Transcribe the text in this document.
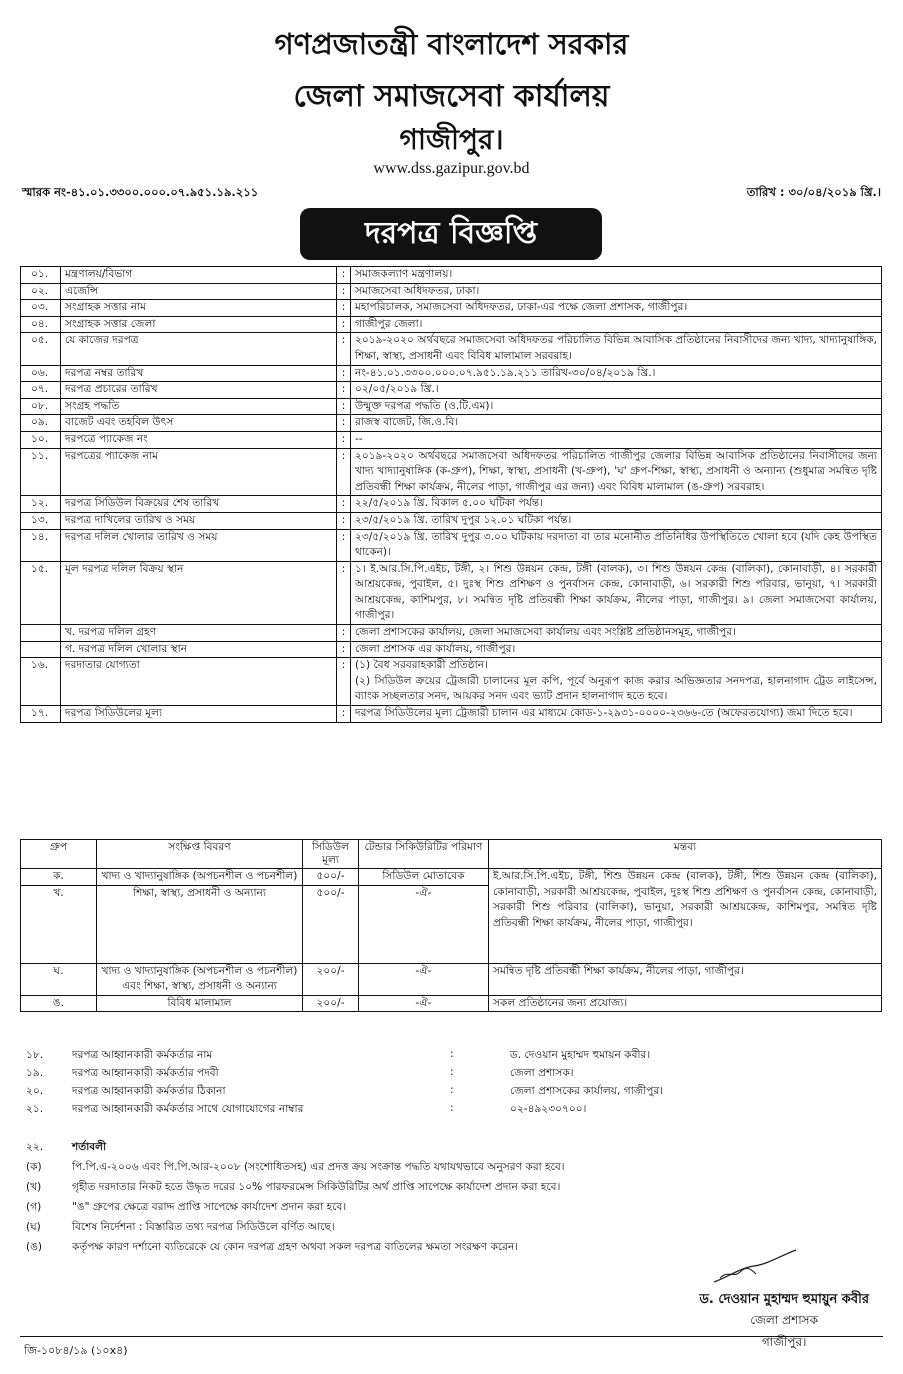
গণপ্রজাতন্ত্রী বাংলাদেশ সরকার
জেলা সমাজসেবা কার্যালয়
গাজীপুর।
www.dss.gazipur.gov.bd
স্মারক নং-৪১.০১.৩৩০০.০০০.০৭.৯৫১.১৯.২১১	তারিখ : ৩০/০৪/২০১৯ খ্রি.।
দরপত্র বিজ্ঞপ্তি
০১.	মন্ত্রণালয়/বিভাগ	:	সমাজকল্যাণ মন্ত্রণালয়।

০২.	এজেন্সি	:	সমাজসেবা অধিদফতর, ঢাকা।

০৩.	সংগ্রাহক সত্তার নাম	:	মহাপরিচালক, সমাজসেবা অধিদফতর, ঢাকা-এর পক্ষে জেলা প্রশাসক, গাজীপুর।

০৪.	সংগ্রাহক সত্তার জেলা	:	গাজীপুর জেলা।

০৫.	যে কাজের দরপত্র	:	২০১৯-২০২০ অর্থবছরে সমাজসেবা অধিদফতর পরিচালিত বিভিন্ন আবাসিক প্রতিষ্ঠানের নিবাসীদের জন্য খাদ্য, খাদ্যানুষাঙ্গিক, শিক্ষা, স্বাস্থ্য, প্রসাধনী এবং বিবিধ মালামাল সরবরাহ।

০৬.	দরপত্র নম্বর তারিখ	:	নং-৪১.০১.৩৩০০.০০০.০৭.৯৫১.১৯.২১১ তারিখ-৩০/০৪/২০১৯ খ্রি.।

০৭.	দরপত্র প্রচারের তারিখ	:	০২/০৫/২০১৯ খ্রি.।

০৮.	সংগ্রহ পদ্ধতি	:	উন্মুক্ত দরপত্র পদ্ধতি (ও.টি.এম)।

০৯.	বাজেট এবং তহবিল উৎস	:	রাজস্ব বাজেট, জি.ও.বি।

১০.	দরপত্রে প্যাকেজ নং	:	--

১১.	দরপত্রের প্যাকেজ নাম	:	২০১৯-২০২০ অর্থবছরে সমাজসেবা অধিদফতর পরিচালিত গাজীপুর জেলার বিভিন্ন আবাসিক প্রতিষ্ঠানের নিবাসীদের জন্য খাদ্য খাদ্যানুষাঙ্গিক (ক-গ্রুপ), শিক্ষা, স্বাস্থ্য, প্রসাধনী (খ-গ্রুপ), 'ঘ' গ্রুপ-শিক্ষা, স্বাস্থ্য, প্রসাধনী ও অন্যান্য (শুধুমাত্র সমন্বিত দৃষ্টি প্রতিবন্ধী শিক্ষা কার্যক্রম, নীলের পাড়া, গাজীপুর এর জন্য) এবং বিবিধ মালামাল (ঙ-গ্রুপ) সরবরাহ।

১২.	দরপত্র সিডিউল বিক্রয়ের শেষ তারিখ	:	২২/৫/২০১৯ খ্রি. বিকাল ৫.০০ ঘটিকা পর্যন্ত।

১৩.	দরপত্র দাখিলের তারিখ ও সময়	:	২৩/৫/২০১৯ খ্রি. তারিখ দুপুর ১২.০১ ঘটিকা পর্যন্ত।

১৪.	দরপত্র দলিল খোলার তারিখ ও সময়	:	২৩/৫/২০১৯ খ্রি. তারিখ দুপুর ৩.০০ ঘটিকায় দরদাতা বা তার মনোনীত প্রতিনিধির উপস্থিতিতে খোলা হবে (যদি কেহ উপস্থিত থাকেন)।

১৫.	মূল দরপত্র দলিল বিক্রয় স্থান	:	১। ই.আর.সি.পি.এইচ, টঙ্গী, ২। শিশু উন্নয়ন কেন্দ্র, টঙ্গী (বালক), ৩। শিশু উন্নয়ন কেন্দ্র (বালিকা), কোনাবাড়ী, ৪। সরকারী আশ্রয়কেন্দ্র, পুবাইল, ৫। দুঃস্থ শিশু প্রশিক্ষণ ও পুনর্বাসন কেন্দ্র, কোনাবাড়ী, ৬। সরকারী শিশু পরিবার, ভানুয়া, ৭। সরকারী আশ্রয়কেন্দ্র, কাশিমপুর, ৮। সমন্বিত দৃষ্টি প্রতিবন্ধী শিক্ষা কার্যক্রম, নীলের পাড়া, গাজীপুর। ৯। জেলা সমাজসেবা কার্যালয়, গাজীপুর।

	খ. দরপত্র দলিল গ্রহণ	:	জেলা প্রশাসকের কার্যালয়, জেলা সমাজসেবা কার্যালয় এবং সংশ্লিষ্ট প্রতিষ্ঠানসমূহ, গাজীপুর।

	গ. দরপত্র দলিল খোলার স্থান	:	জেলা প্রশাসক এর কার্যালয়, গাজীপুর।

১৬.	দরদাতার যোগ্যতা	:	(১) বৈধ সরবরাহকারী প্রতিষ্ঠান।
(২) সিডিউল ক্রয়ের ট্রেজারী চালানের মূল কপি, পূর্বে অনুরূপ কাজ করার অভিজ্ঞতার সনদপত্র, হালনাগাদ ট্রেড লাইসেন্স, ব্যাংক সচ্ছলতার সনদ, আয়কর সনদ এবং ভ্যাট প্রদান হালনাগাদ হতে হবে।

১৭.	দরপত্র সিডিউলের মূল্য	:	দরপত্র সিডিউলের মূল্য ট্রেজারী চালান এর মাধ্যমে কোড-১-২৯৩১-০০০০-২৩৬৬-তে (অফেরতযোগ্য) জমা দিতে হবে।
গ্রুপ	সংক্ষিপ্ত বিবরণ	সিডিউল মূল্য	টেন্ডার সিকিউরিটির পরিমাণ	মন্তব্য
ক.	খাদ্য ও খাদ্যানুষাঙ্গিক (অপচনশীল ও পচনশীল)	৫০০/-	সিডিউল মোতাবেক	ই.আর.সি.পি.এইচ, টঙ্গী, শিশু উন্নয়ন কেন্দ্র (বালক), টঙ্গী, শিশু উন্নয়ন কেন্দ্র (বালিকা), কোনাবাড়ী, সরকারী আশ্রয়কেন্দ্র, পুবাইল, দুঃস্থ শিশু প্রশিক্ষণ ও পুনর্বাসন কেন্দ্র, কোনাবাড়ী, সরকারী শিশু পরিবার (বালিকা), ভানুয়া, সরকারী আশ্রয়কেন্দ্র, কাশিমপুর, সমন্বিত দৃষ্টি প্রতিবন্ধী শিক্ষা কার্যক্রম, নীলের পাড়া, গাজীপুর।
খ.	শিক্ষা, স্বাস্থ্য, প্রসাধনী ও অন্যান্য	৫০০/-	-ঐ-	
ঘ.	খাদ্য ও খাদ্যানুষাঙ্গিক (অপচনশীল ও পচনশীল) এবং শিক্ষা, স্বাস্থ্য, প্রসাধনী ও অন্যান্য	২০০/-	-ঐ-	সমন্বিত দৃষ্টি প্রতিবন্ধী শিক্ষা কার্যক্রম, নীলের পাড়া, গাজীপুর।
ঙ.	বিবিধ মালামাল	২০০/-	-ঐ-	সকল প্রতিষ্ঠানের জন্য প্রযোজ্য।
১৮.	দরপত্র আহ্বানকারী কর্মকর্তার নাম	:	ড. দেওয়ান মুহাম্মদ হুমায়ন কবীর।
১৯.	দরপত্র আহ্বানকারী কর্মকর্তার পদবী	:	জেলা প্রশাসক।
২০.	দরপত্র আহ্বানকারী কর্মকর্তার ঠিকানা	:	জেলা প্রশাসকের কার্যালয়, গাজীপুর।
২১.	দরপত্র আহ্বানকারী কর্মকর্তার সাথে যোগাযোগের নাম্বার	:	০২-৪৯২৩০৭০০।
২২.	শর্তাবলী
(ক)	পি.পি.এ-২০০৬ এবং পি.পি.আর-২০০৮ (সংশোধিতসহ) এর প্রদত্ত ক্রয় সংক্রান্ত পদ্ধতি যথাযথভাবে অনুসরণ করা হবে।
(খ)	গৃহীত দরদাতার নিকট হতে উদ্ধৃত দরের ১০% পারফরমেন্স সিকিউরিটির অর্থ প্রাপ্তি সাপেক্ষে কার্যাদেশ প্রদান করা হবে।
(গ)	"ঙ" গ্রুপের ক্ষেত্রে বরাদ্দ প্রাপ্তি সাপেক্ষে কার্যাদেশ প্রদান করা হবে।
(ঘ)	বিশেষ নির্দেশনা : বিস্তারিত তথ্য দরপত্র সিডিউলে বর্ণিত আছে।
(ঙ)	কর্তৃপক্ষ কারণ দর্শানো ব্যতিরেকে যে কোন দরপত্র গ্রহণ অথবা সকল দরপত্র বাতিলের ক্ষমতা সংরক্ষণ করেন।
ড. দেওয়ান মুহাম্মদ হুমায়ুন কবীর
জেলা প্রশাসক
গাজীপুর।
জি-১০৮৪/১৯ (১০x৪)
